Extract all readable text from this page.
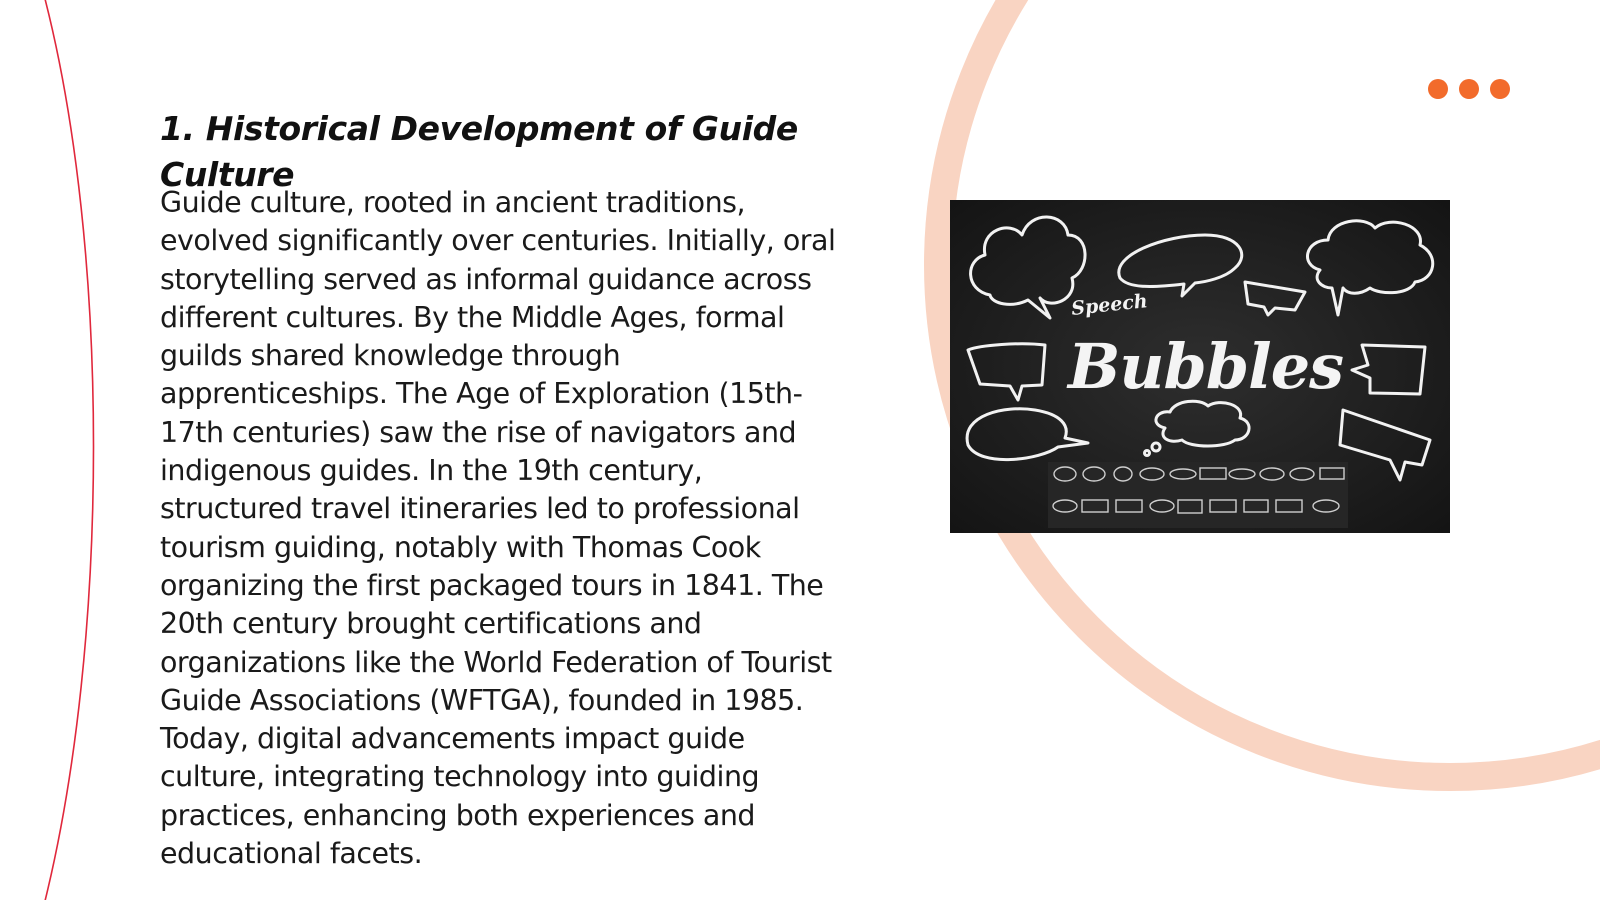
1. Historical Development of Guide Culture

Guide culture, rooted in ancient traditions, evolved significantly over centuries. Initially, oral storytelling served as informal guidance across different cultures. By the Middle Ages, formal guilds shared knowledge through apprenticeships. The Age of Exploration (15th-17th centuries) saw the rise of navigators and indigenous guides. In the 19th century, structured travel itineraries led to professional tourism guiding, notably with Thomas Cook organizing the first packaged tours in 1841. The 20th century brought certifications and organizations like the World Federation of Tourist Guide Associations (WFTGA), founded in 1985. Today, digital advancements impact guide culture, integrating technology into guiding practices, enhancing both experiences and educational facets.

Speech
Bubbles
